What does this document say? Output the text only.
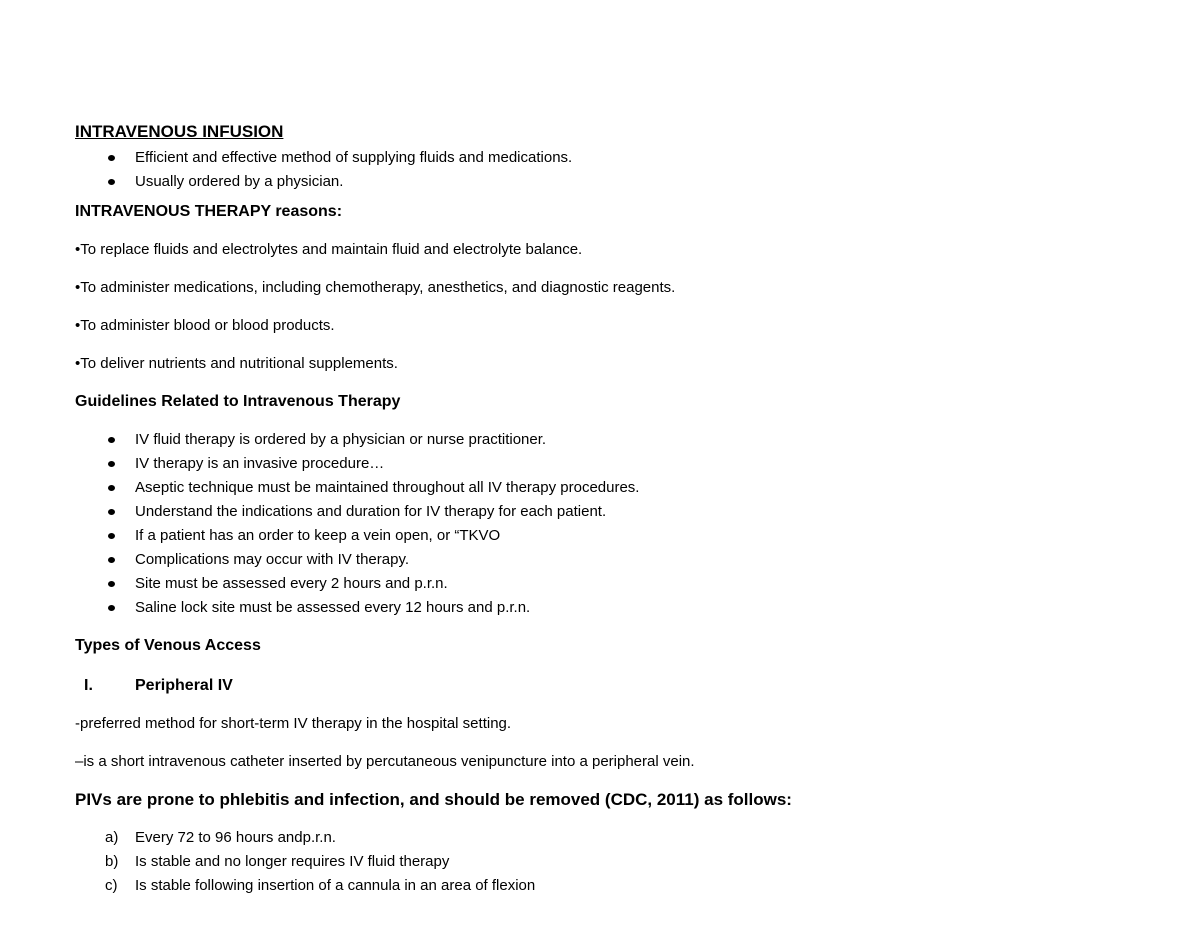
INTRAVENOUS INFUSION
Efficient and effective method of supplying fluids and medications.
Usually ordered by a physician.
INTRAVENOUS THERAPY reasons:

•To replace fluids and electrolytes and maintain fluid and electrolyte balance.

•To administer medications, including chemotherapy, anesthetics, and diagnostic reagents.

•To administer blood or blood products.

•To deliver nutrients and nutritional supplements.

Guidelines Related to Intravenous Therapy
IV fluid therapy is ordered by a physician or nurse practitioner.
IV therapy is an invasive procedure…
Aseptic technique must be maintained throughout all IV therapy procedures.
Understand the indications and duration for IV therapy for each patient.
If a patient has an order to keep a vein open, or “TKVO
Complications may occur with IV therapy.
Site must be assessed every 2 hours and p.r.n.
Saline lock site must be assessed every 12 hours and p.r.n.
Types of Venous Access
I.	Peripheral IV

-preferred method for short-term IV therapy in the hospital setting.

–is a short intravenous catheter inserted by percutaneous venipuncture into a peripheral vein.

PIVs are prone to phlebitis and infection, and should be removed (CDC, 2011) as follows:
a) Every 72 to 96 hours andp.r.n.
b) Is stable and no longer requires IV fluid therapy
c) Is stable following insertion of a cannula in an area of flexion
